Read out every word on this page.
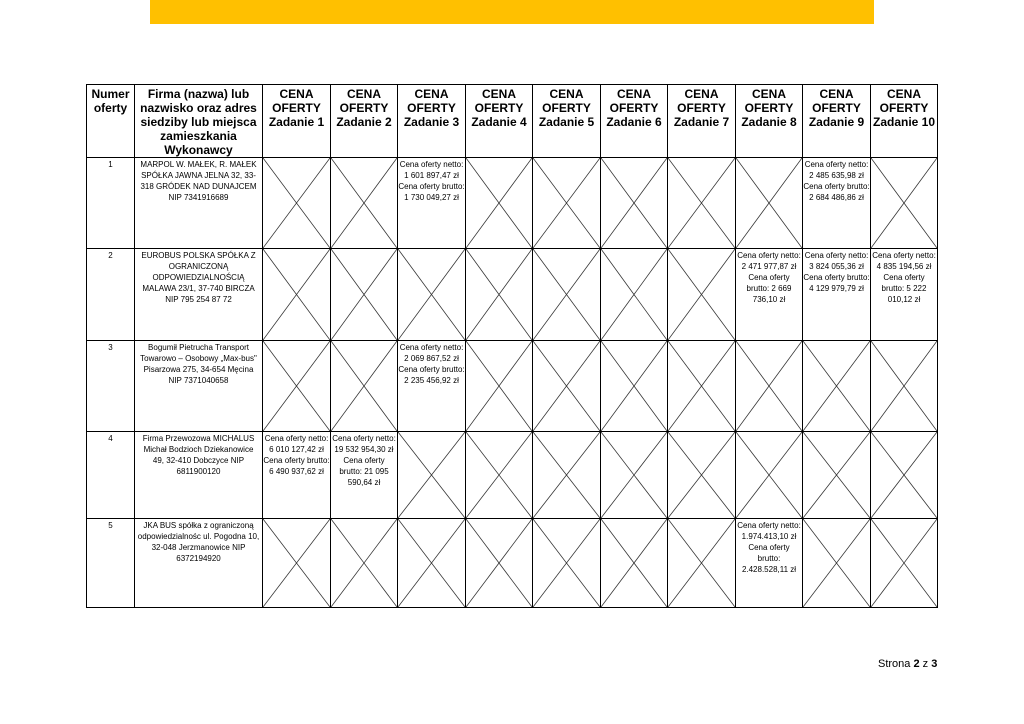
Numer oferty	Firma (nazwa) lub nazwisko oraz adres siedziby lub miejsca zamieszkania Wykonawcy	CENA OFERTY Zadanie 1	CENA OFERTY Zadanie 2	CENA OFERTY Zadanie 3	CENA OFERTY Zadanie 4	CENA OFERTY Zadanie 5	CENA OFERTY Zadanie 6	CENA OFERTY Zadanie 7	CENA OFERTY Zadanie 8	CENA OFERTY Zadanie 9	CENA OFERTY Zadanie 10
1	MARPOL W. MAŁEK, R. MAŁEK SPÓŁKA JAWNA JELNA 32, 33-318 GRÓDEK NAD DUNAJCEM NIP 7341916689			Cena oferty netto: 1 601 897,47 zł Cena oferty brutto: 1 730 049,27 zł						Cena oferty netto: 2 485 635,98 zł Cena oferty brutto: 2 684 486,86 zł	

2	EUROBUS POLSKA SPÓŁKA Z OGRANICZONĄ ODPOWIEDZIALNOŚCIĄ MALAWA 23/1, 37-740 BIRCZA NIP 795 254 87 72								Cena oferty netto: 2 471 977,87 zł Cena oferty brutto: 2 669 736,10 zł	Cena oferty netto: 3 824 055,36 zł Cena oferty brutto: 4 129 979,79 zł	Cena oferty netto: 4 835 194,56 zł Cena oferty brutto: 5 222 010,12 zł
3	Bogumił Pietrucha Transport Towarowo – Osobowy „Max-bus" Pisarzowa 275, 34-654 Męcina NIP 7371040658			Cena oferty netto: 2 069 867,52 zł Cena oferty brutto: 2 235 456,92 zł	

4	Firma Przewozowa MICHALUS Michał Bodzioch Dziekanowice 49, 32-410 Dobczyce NIP 6811900120	Cena oferty netto: 6 010 127,42 zł Cena oferty brutto: 6 490 937,62 zł	Cena oferty netto: 19 532 954,30 zł Cena oferty brutto: 21 095 590,64 zł	

5	JKA BUS spółka z ograniczoną odpowiedzialnośc ul. Pogodna 10, 32-048 Jerzmanowice NIP 6372194920								Cena oferty netto: 1.974.413,10 zł Cena oferty brutto: 2.428.528,11 zł	

Strona 2 z 3
